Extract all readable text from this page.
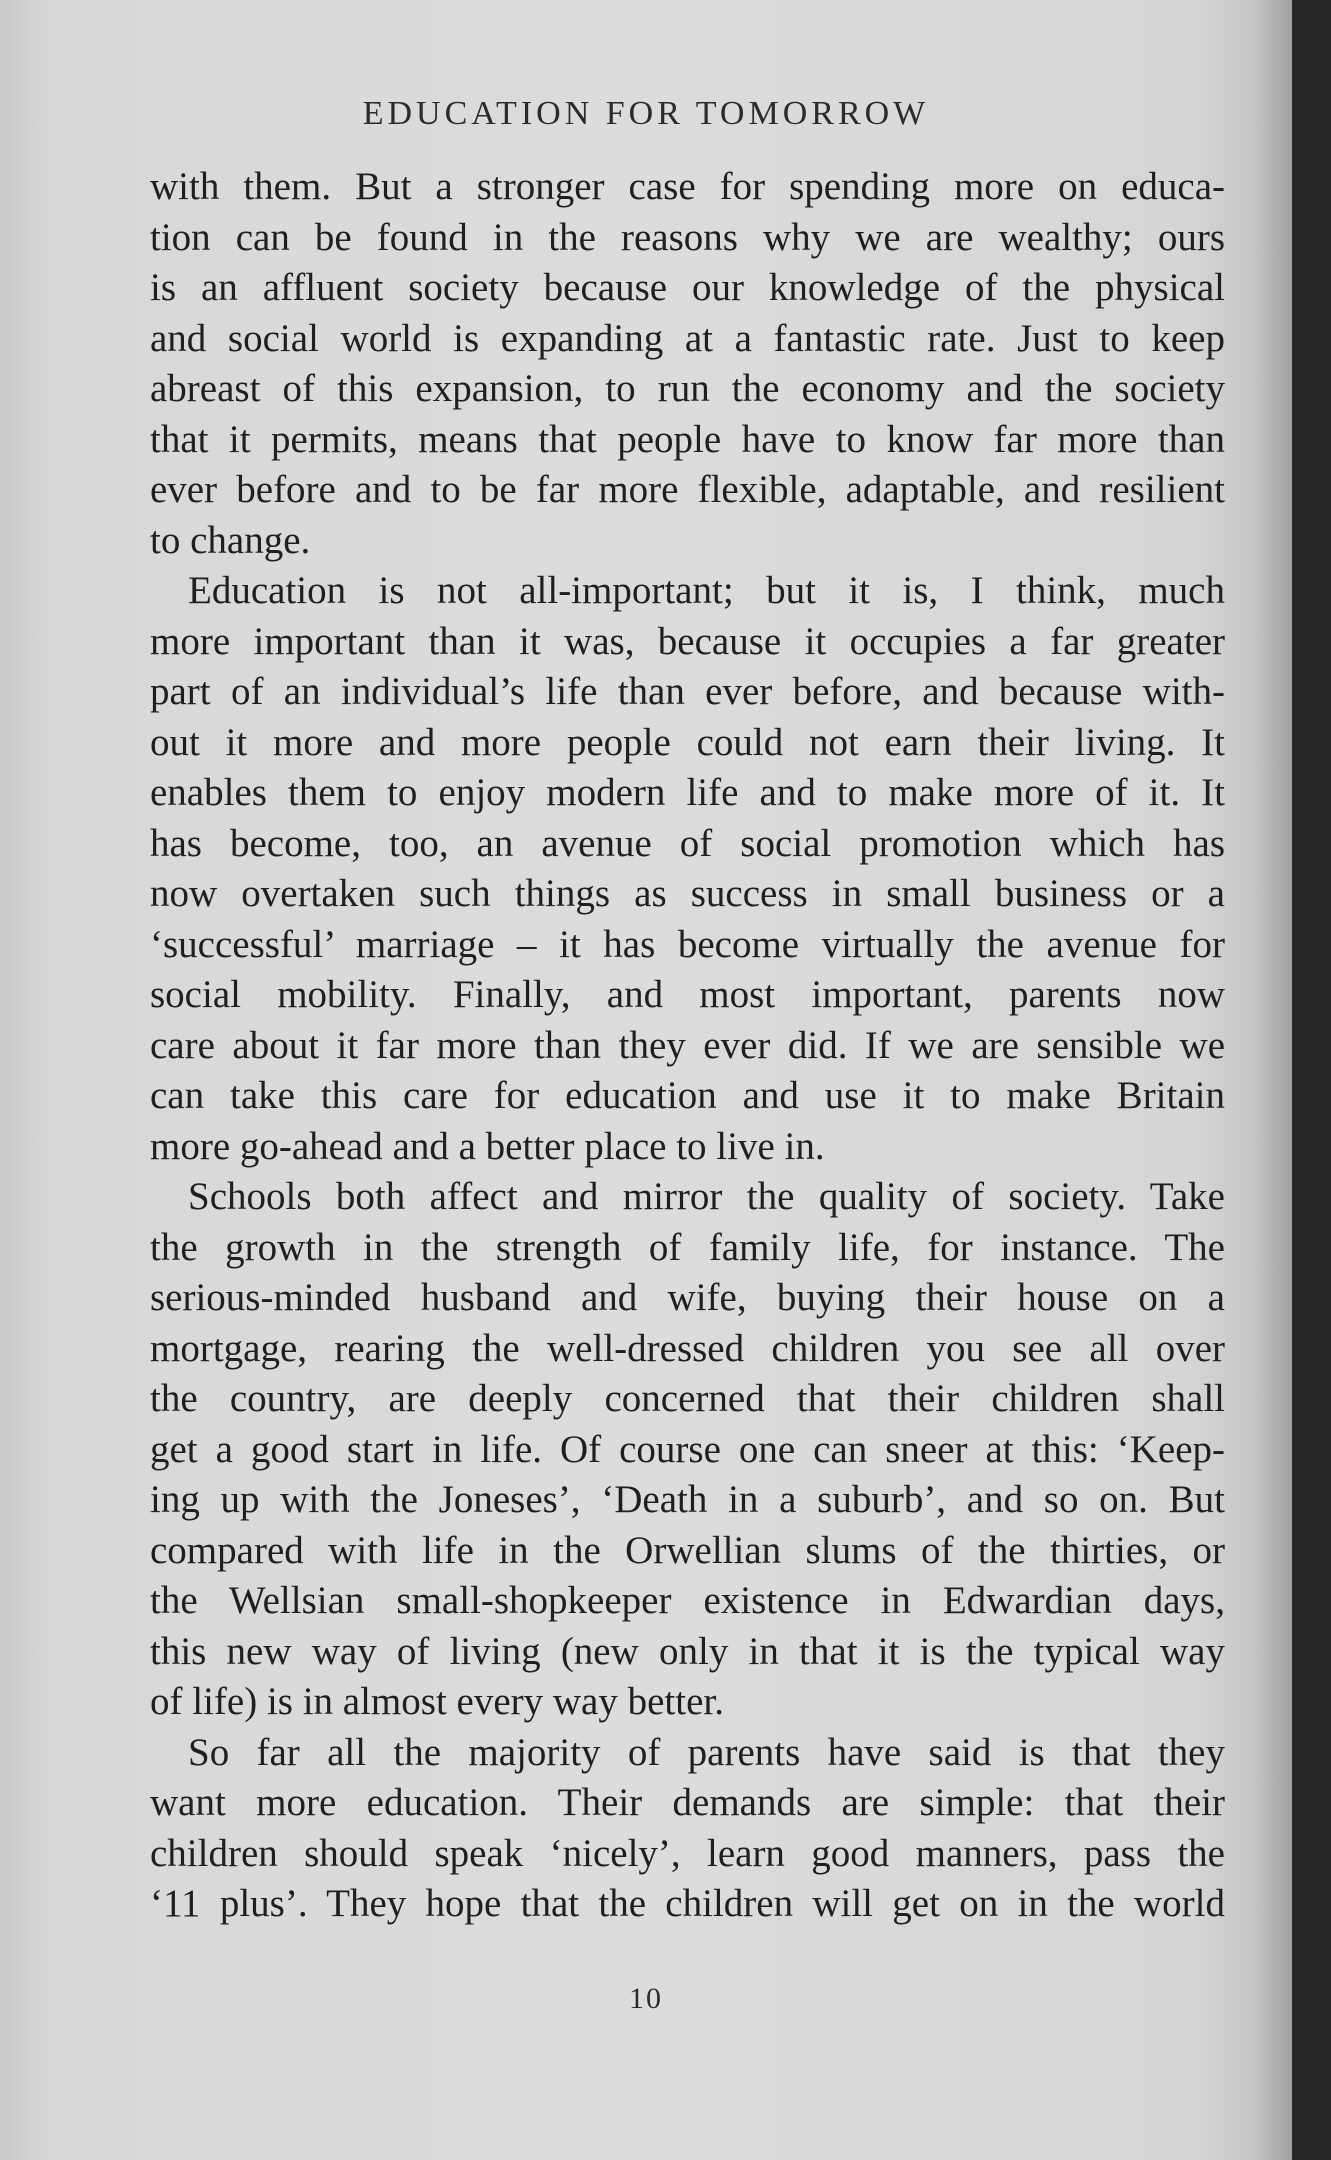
EDUCATION FOR TOMORROW
with them. But a stronger case for spending more on educa-
tion can be found in the reasons why we are wealthy; ours
is an affluent society because our knowledge of the physical
and social world is expanding at a fantastic rate. Just to keep
abreast of this expansion, to run the economy and the society
that it permits, means that people have to know far more than
ever before and to be far more flexible, adaptable, and resilient
to change.
Education is not all-important; but it is, I think, much
more important than it was, because it occupies a far greater
part of an individual’s life than ever before, and because with-
out it more and more people could not earn their living. It
enables them to enjoy modern life and to make more of it. It
has become, too, an avenue of social promotion which has
now overtaken such things as success in small business or a
‘successful’ marriage – it has become virtually the avenue for
social mobility. Finally, and most important, parents now
care about it far more than they ever did. If we are sensible we
can take this care for education and use it to make Britain
more go-ahead and a better place to live in.
Schools both affect and mirror the quality of society. Take
the growth in the strength of family life, for instance. The
serious-minded husband and wife, buying their house on a
mortgage, rearing the well-dressed children you see all over
the country, are deeply concerned that their children shall
get a good start in life. Of course one can sneer at this: ‘Keep-
ing up with the Joneses’, ‘Death in a suburb’, and so on. But
compared with life in the Orwellian slums of the thirties, or
the Wellsian small-shopkeeper existence in Edwardian days,
this new way of living (new only in that it is the typical way
of life) is in almost every way better.
So far all the majority of parents have said is that they
want more education. Their demands are simple: that their
children should speak ‘nicely’, learn good manners, pass the
‘11 plus’. They hope that the children will get on in the world
10
